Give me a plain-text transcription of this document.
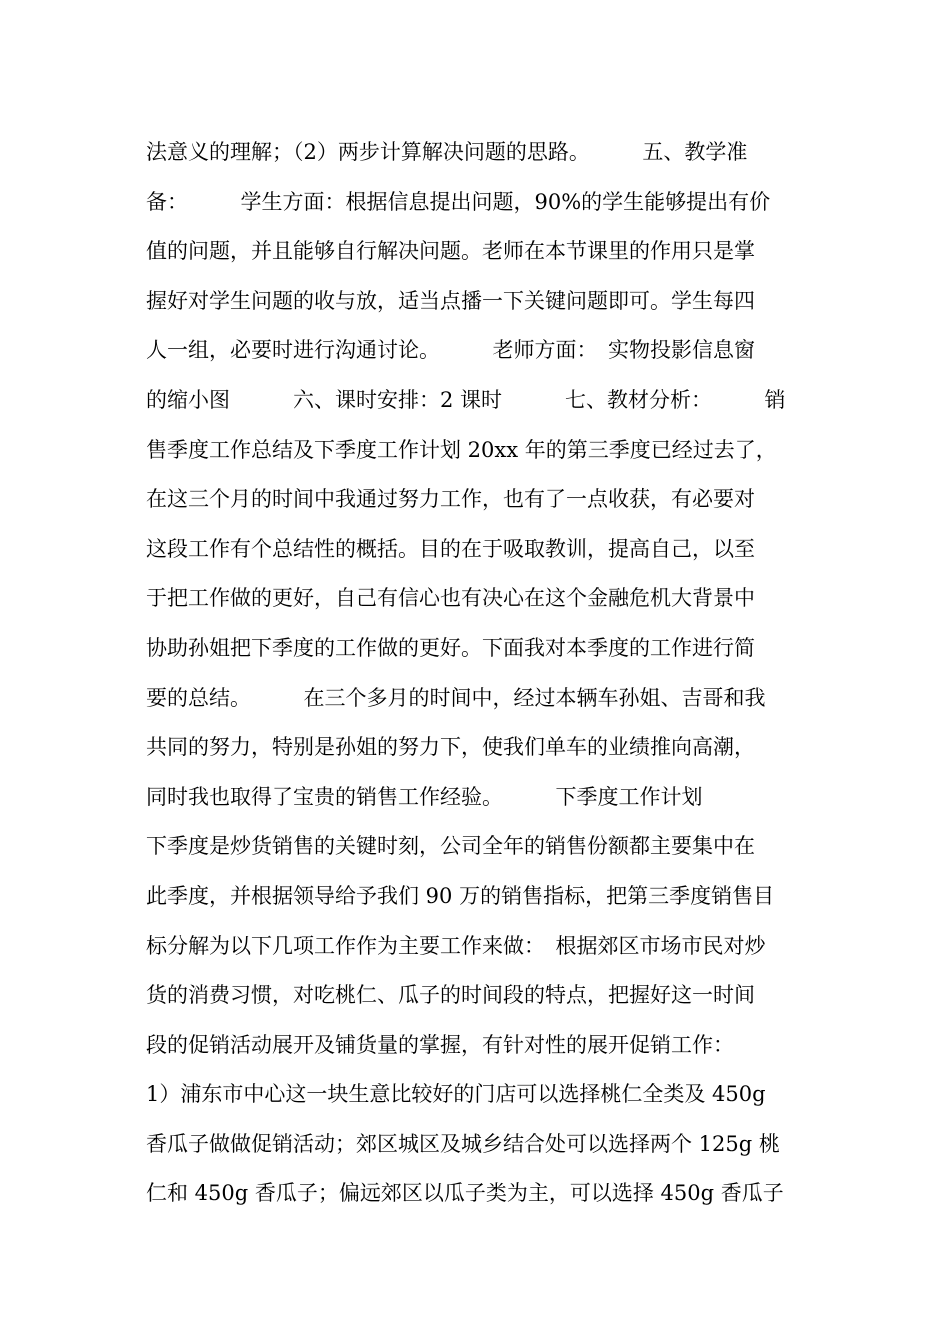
法意义的理解；（2）两步计算解决问题的思路。　　　五、教学准
备：　　　学生方面：根据信息提出问题，90%的学生能够提出有价
值的问题，并且能够自行解决问题。老师在本节课里的作用只是掌
握好对学生问题的收与放，适当点播一下关键问题即可。学生每四
人一组，必要时进行沟通讨论。　　　老师方面：　实物投影信息窗
的缩小图　　　六、课时安排：2 课时　　　七、教材分析：　　　销
售季度工作总结及下季度工作计划 20xx 年的第三季度已经过去了，
在这三个月的时间中我通过努力工作，也有了一点收获，有必要对
这段工作有个总结性的概括。目的在于吸取教训，提高自己，以至
于把工作做的更好，自己有信心也有决心在这个金融危机大背景中
协助孙姐把下季度的工作做的更好。下面我对本季度的工作进行简
要的总结。　　　在三个多月的时间中，经过本辆车孙姐、吉哥和我
共同的努力，特别是孙姐的努力下，使我们单车的业绩推向高潮，
同时我也取得了宝贵的销售工作经验。　　　下季度工作计划
下季度是炒货销售的关键时刻，公司全年的销售份额都主要集中在
此季度，并根据领导给予我们 90 万的销售指标，把第三季度销售目
标分解为以下几项工作作为主要工作来做：　根据郊区市场市民对炒
货的消费习惯，对吃桃仁、瓜子的时间段的特点，把握好这一时间
段的促销活动展开及铺货量的掌握，有针对性的展开促销工作：
1）浦东市中心这一块生意比较好的门店可以选择桃仁全类及 450g
香瓜子做做促销活动；郊区城区及城乡结合处可以选择两个 125g 桃
仁和 450g 香瓜子；偏远郊区以瓜子类为主，可以选择 450g 香瓜子
